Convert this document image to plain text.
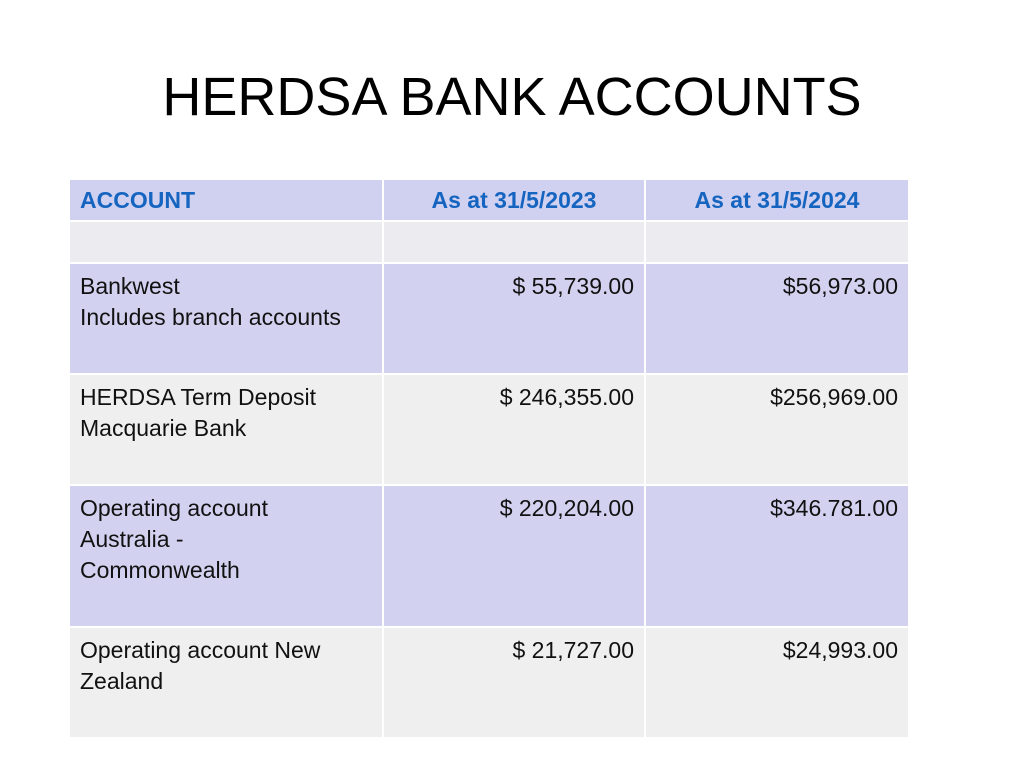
HERDSA BANK ACCOUNTS
ACCOUNT	As at 31/5/2023	As at 31/5/2024

Bankwest
Includes branch accounts	$ 55,739.00	$56,973.00

HERDSA Term Deposit
Macquarie Bank	$ 246,355.00	$256,969.00

Operating account
Australia -
Commonwealth	$ 220,204.00	$346.781.00

Operating account New
Zealand	$ 21,727.00	$24,993.00
